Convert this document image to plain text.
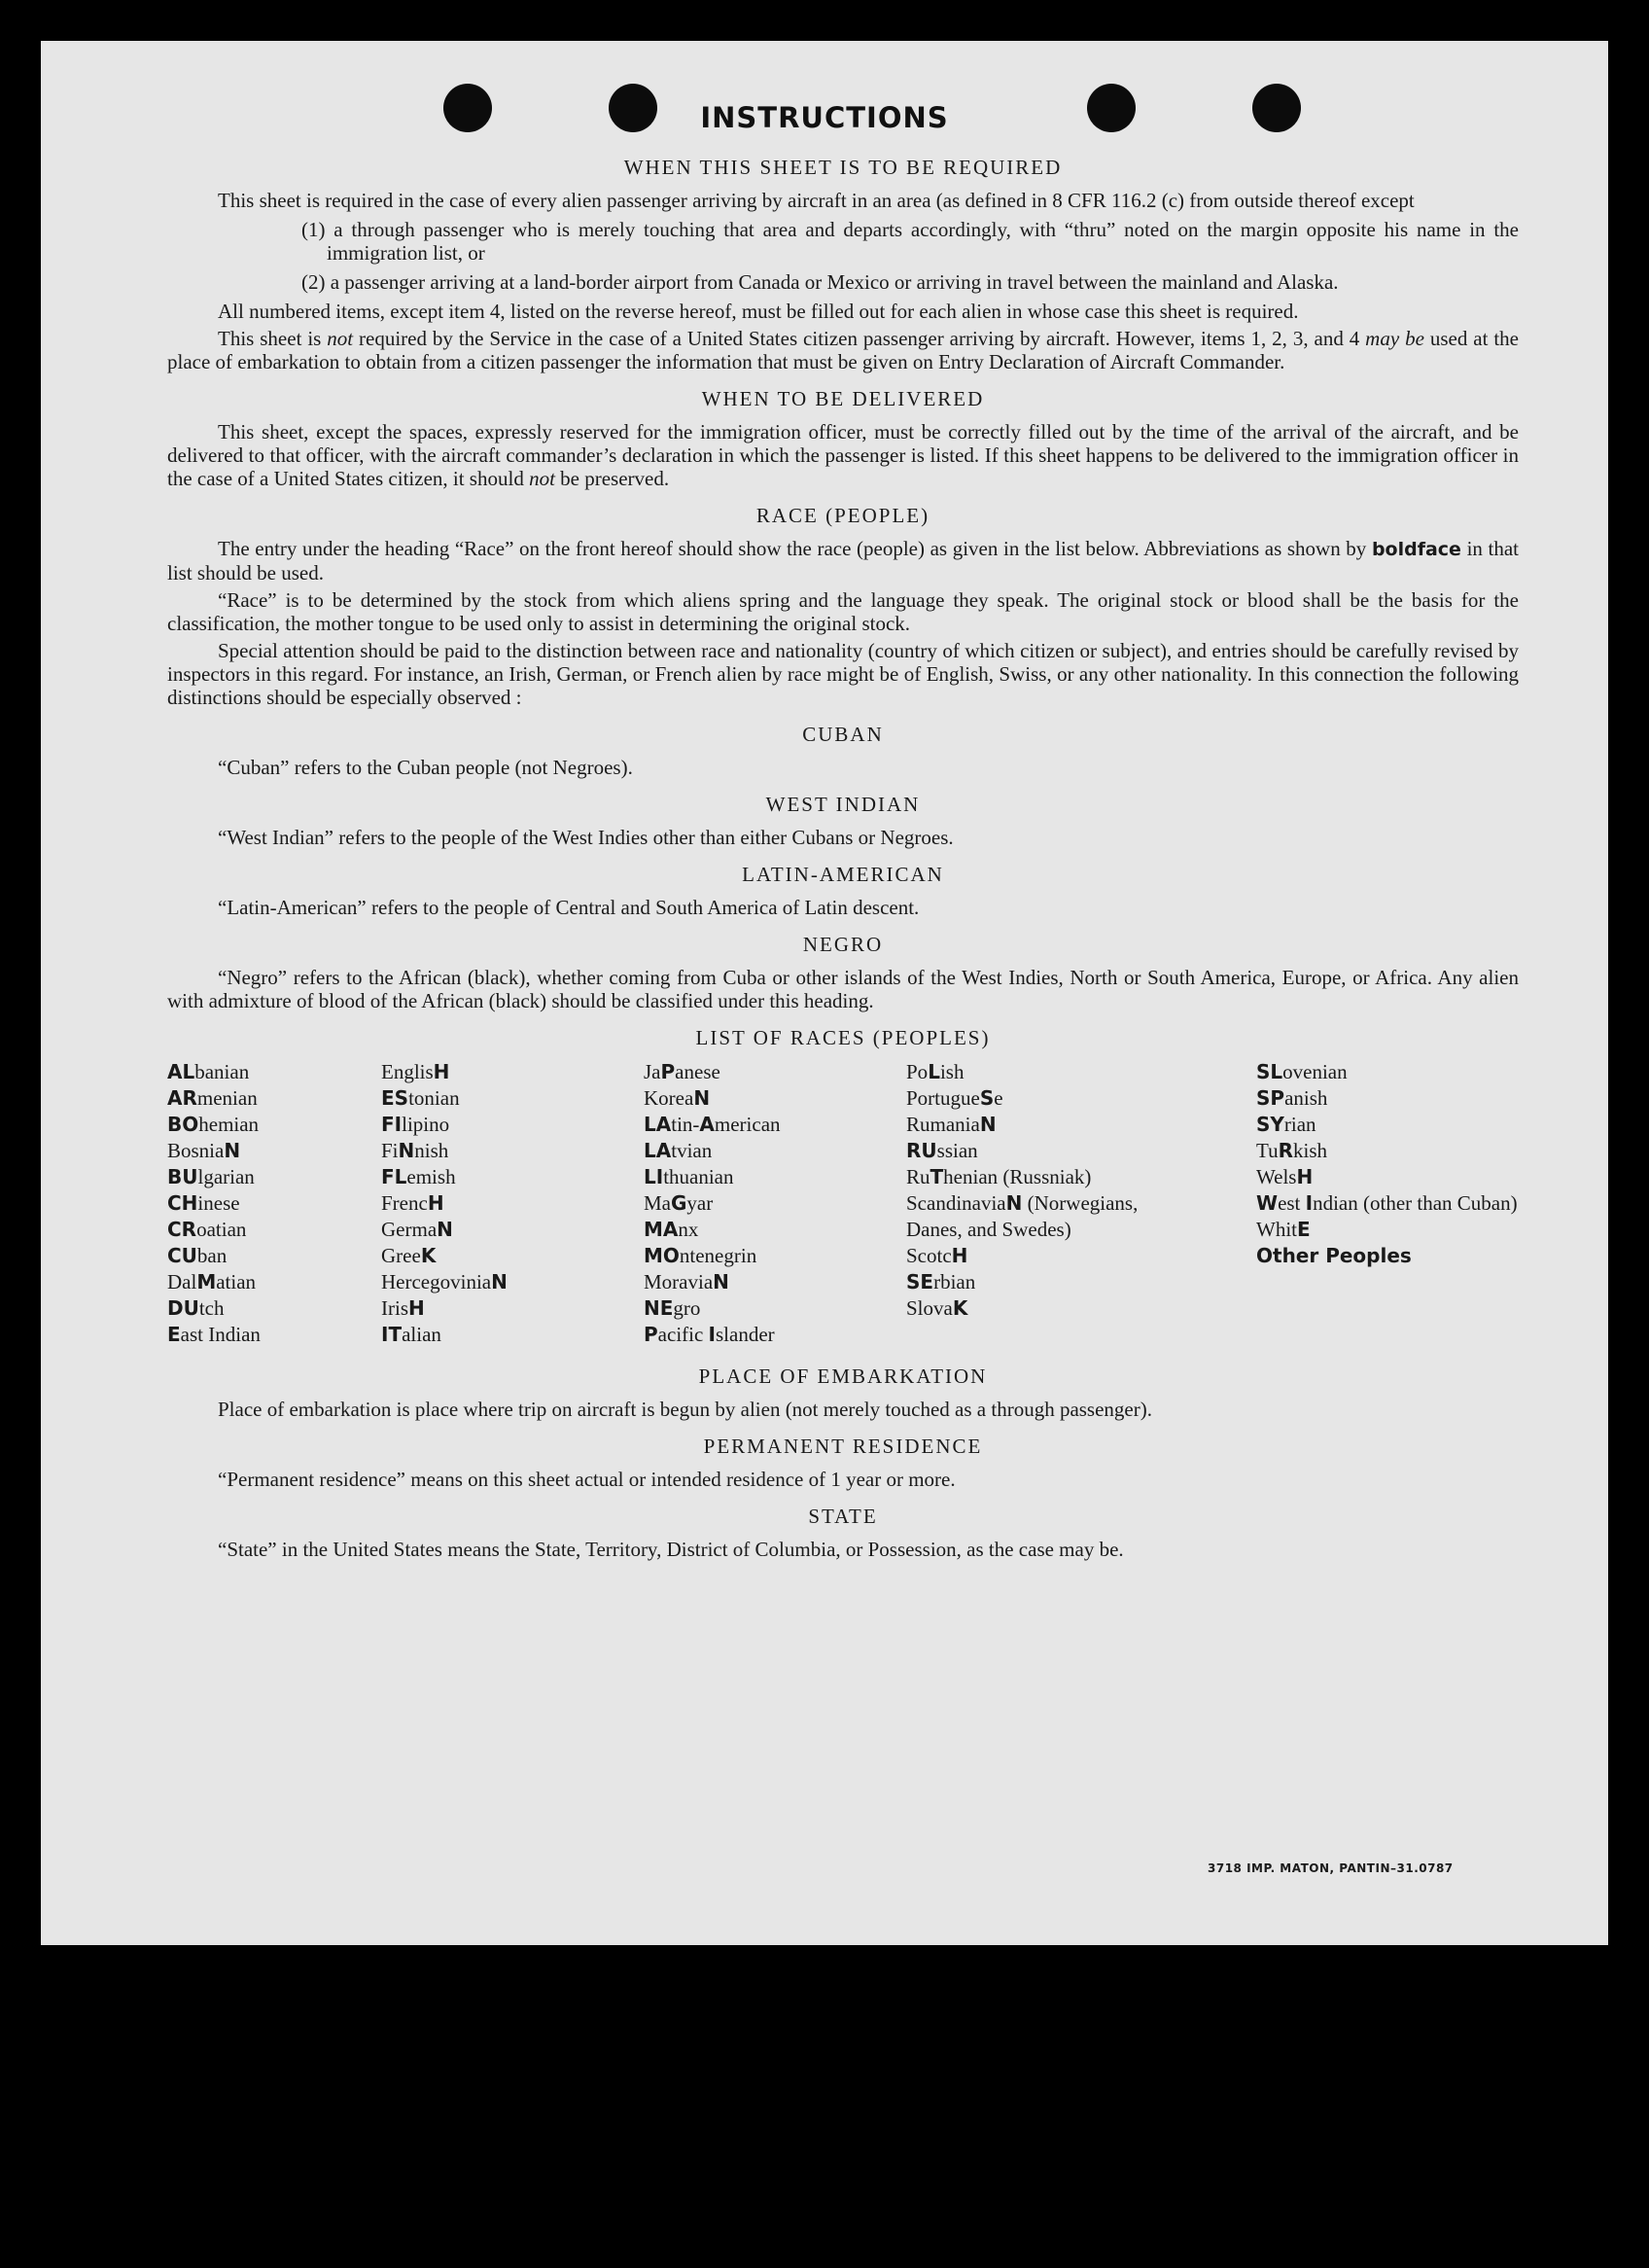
INSTRUCTIONS
WHEN THIS SHEET IS TO BE REQUIRED

This sheet is required in the case of every alien passenger arriving by aircraft in an area (as defined in 8 CFR 116.2 (c) from outside thereof except

(1) a through passenger who is merely touching that area and departs accordingly, with “thru” noted on the margin opposite his name in the immigration list, or

(2) a passenger arriving at a land-border airport from Canada or Mexico or arriving in travel between the mainland and Alaska.

All numbered items, except item 4, listed on the reverse hereof, must be filled out for each alien in whose case this sheet is required.

This sheet is not required by the Service in the case of a United States citizen passenger arriving by aircraft. However, items 1, 2, 3, and 4 may be used at the place of embarkation to obtain from a citizen passenger the information that must be given on Entry Declaration of Aircraft Commander.

WHEN TO BE DELIVERED

This sheet, except the spaces, expressly reserved for the immigration officer, must be correctly filled out by the time of the arrival of the aircraft, and be delivered to that officer, with the aircraft commander’s declaration in which the passenger is listed. If this sheet happens to be delivered to the immigration officer in the case of a United States citizen, it should not be preserved.

RACE (PEOPLE)

The entry under the heading “Race” on the front hereof should show the race (people) as given in the list below. Abbreviations as shown by boldface in that list should be used.

“Race” is to be determined by the stock from which aliens spring and the language they speak. The original stock or blood shall be the basis for the classification, the mother tongue to be used only to assist in determining the original stock.

Special attention should be paid to the distinction between race and nationality (country of which citizen or subject), and entries should be carefully revised by inspectors in this regard. For instance, an Irish, German, or French alien by race might be of English, Swiss, or any other nationality. In this connection the following distinctions should be especially observed :

CUBAN

“Cuban” refers to the Cuban people (not Negroes).

WEST INDIAN

“West Indian” refers to the people of the West Indies other than either Cubans or Negroes.

LATIN-AMERICAN

“Latin-American” refers to the people of Central and South America of Latin descent.

NEGRO

“Negro” refers to the African (black), whether coming from Cuba or other islands of the West Indies, North or South America, Europe, or Africa. Any alien with admixture of blood of the African (black) should be classified under this heading.

LIST OF RACES (PEOPLES)
ALbanian
ARmenian
BOhemian
BosniaN
BUlgarian
CHinese
CRoatian
CUban
DalMatian
DUtch
East Indian
EnglisH
EStonian
FIlipino
FiNnish
FLemish
FrencH
GermaN
GreeK
HercegoviniaN
IrisH
ITalian
JaPanese
KoreaN
LAtin-American
LAtvian
LIthuanian
MaGyar
MAnx
MOntenegrin
MoraviaN
NEgro
Pacific Islander
PoLish
PortugueSe
RumaniaN
RUssian
RuThenian (Russniak)
ScandinaviaN (Norwegians, Danes, and Swedes)
ScotcH
SErbian
SlovaK
SLovenian
SPanish
SYrian
TuRkish
WelsH
West Indian (other than Cuban)
WhitE
Other Peoples
PLACE OF EMBARKATION

Place of embarkation is place where trip on aircraft is begun by alien (not merely touched as a through passenger).

PERMANENT RESIDENCE

“Permanent residence” means on this sheet actual or intended residence of 1 year or more.

STATE

“State” in the United States means the State, Territory, District of Columbia, or Possession, as the case may be.

3718 IMP. MATON, PANTIN–31.0787
